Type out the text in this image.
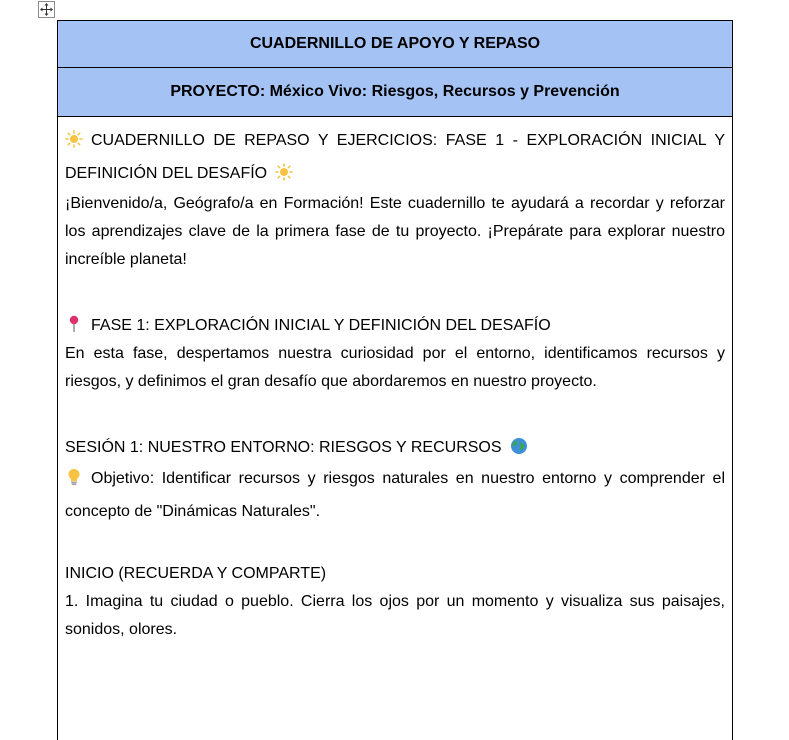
CUADERNILLO DE APOYO Y REPASO
PROYECTO: México Vivo: Riesgos, Recursos y Prevención

CUADERNILLO DE REPASO Y EJERCICIOS: FASE 1 - EXPLORACIÓN INICIAL Y DEFINICIÓN DEL DESAFÍO

¡Bienvenido/a, Geógrafo/a en Formación! Este cuadernillo te ayudará a recordar y reforzar los aprendizajes clave de la primera fase de tu proyecto. ¡Prepárate para explorar nuestro increíble planeta!

FASE 1: EXPLORACIÓN INICIAL Y DEFINICIÓN DEL DESAFÍO

En esta fase, despertamos nuestra curiosidad por el entorno, identificamos recursos y riesgos, y definimos el gran desafío que abordaremos en nuestro proyecto.

SESIÓN 1: NUESTRO ENTORNO: RIESGOS Y RECURSOS

Objetivo: Identificar recursos y riesgos naturales en nuestro entorno y comprender el concepto de "Dinámicas Naturales".

INICIO (RECUERDA Y COMPARTE)

1. Imagina tu ciudad o pueblo. Cierra los ojos por un momento y visualiza sus paisajes, sonidos, olores.
